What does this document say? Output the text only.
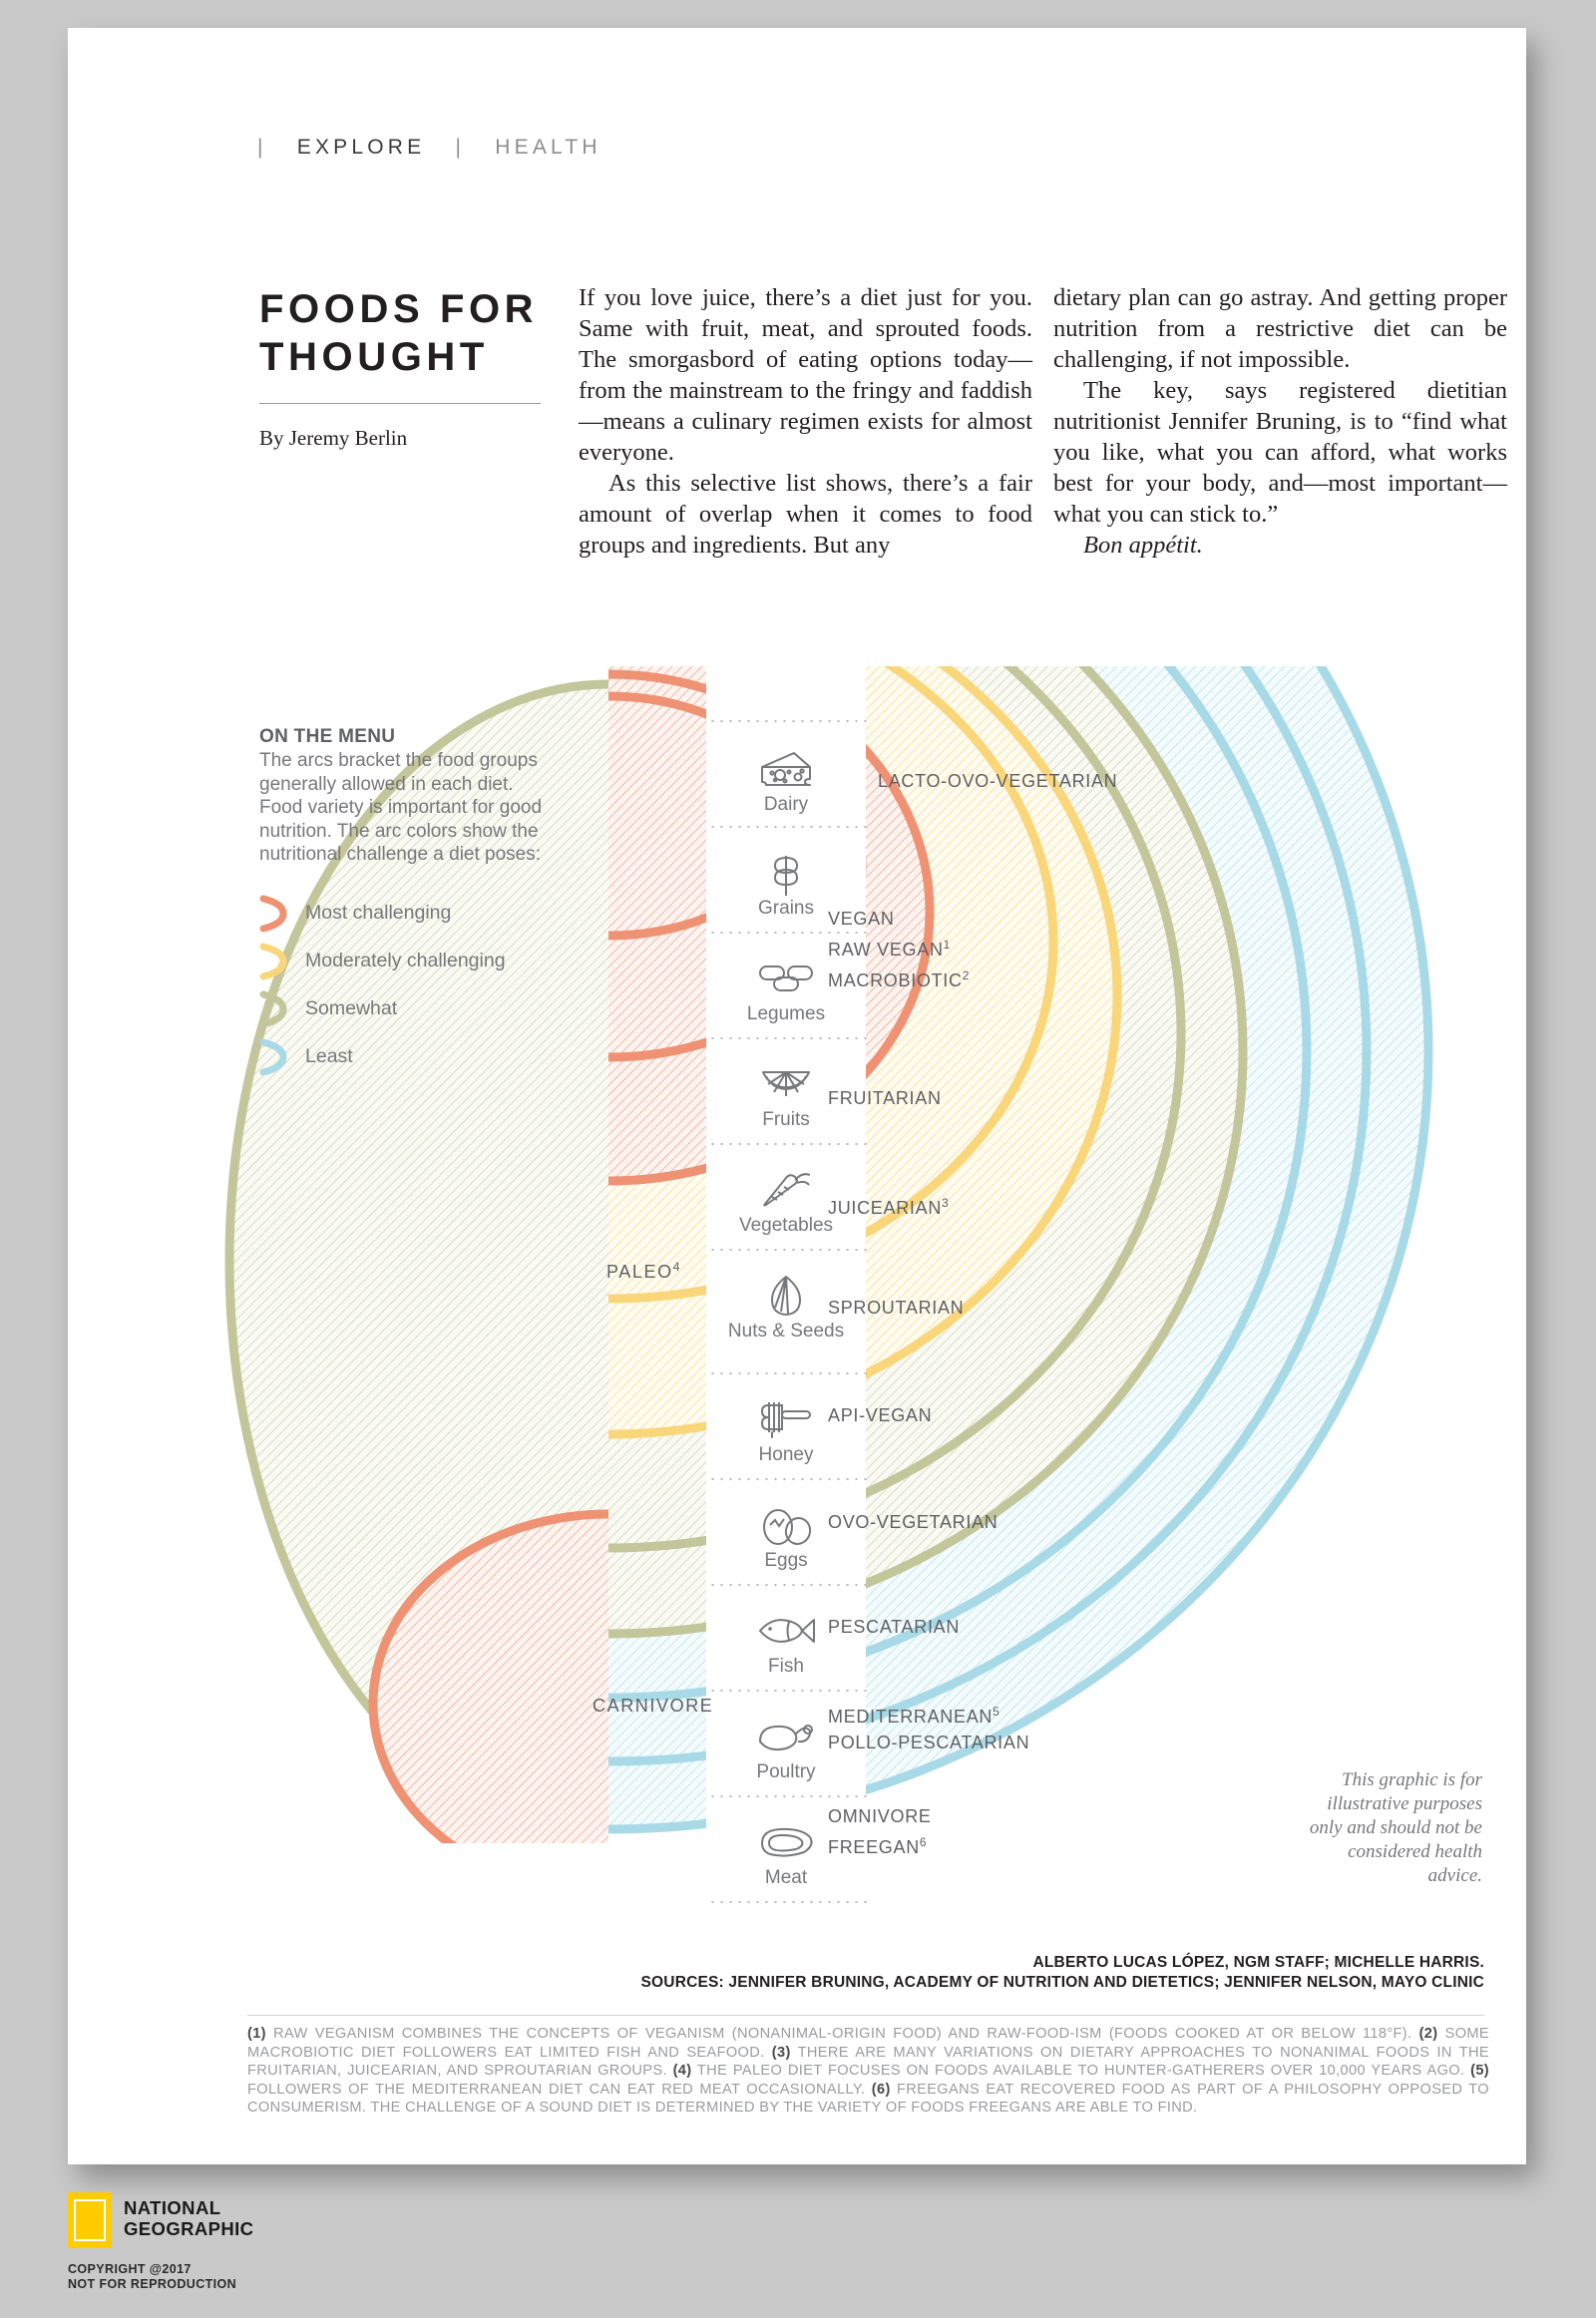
| EXPLORE | HEALTH
FOODS FOR
THOUGHT
By Jeremy Berlin

If you love juice, there’s a diet just for you. Same with fruit, meat, and sprouted foods. The smorgasbord of eating options today—from the mainstream to the fringy and faddish—means a culinary regimen exists for almost everyone.

As this selective list shows, there’s a fair amount of overlap when it comes to food groups and ingredients. But any

dietary plan can go astray. And getting proper nutrition from a restrictive diet can be challenging, if not impossible.

The key, says registered dietitian nutritionist Jennifer Bruning, is to “find what you like, what you can afford, what works best for your body, and—most important—what you can stick to.”

Bon appétit.

Dairy
Grains
Legumes
Fruits
Vegetables
Nuts & Seeds
Honey
Eggs
Fish
Poultry
Meat
LACTO-OVO-VEGETARIAN
VEGAN
RAW VEGAN$^1$
MACROBIOTIC$^2$
FRUITARIAN
JUICEARIAN$^3$
SPROUTARIAN
API-VEGAN
OVO-VEGETARIAN
PESCATARIAN
MEDITERRANEAN$^5$
POLLO-PESCATARIAN
OMNIVORE
FREEGAN$^6$
PALEO$^4$
CARNIVORE
ON THE MENU
The arcs bracket the food groups generally allowed in each diet. Food variety is important for good nutrition. The arc colors show the nutritional challenge a diet poses:
Most challenging
Moderately challenging
Somewhat
Least
This graphic is for illustrative purposes only and should not be considered health advice.
ALBERTO LUCAS LÓPEZ, NGM STAFF; MICHELLE HARRIS.
SOURCES: JENNIFER BRUNING, ACADEMY OF NUTRITION AND DIETETICS; JENNIFER NELSON, MAYO CLINIC
(1) RAW VEGANISM COMBINES THE CONCEPTS OF VEGANISM (NONANIMAL-ORIGIN FOOD) AND RAW-FOOD-ISM (FOODS COOKED AT OR BELOW 118°F). (2) SOME MACROBIOTIC DIET FOLLOWERS EAT LIMITED FISH AND SEAFOOD. (3) THERE ARE MANY VARIATIONS ON DIETARY APPROACHES TO NONANIMAL FOODS IN THE FRUITARIAN, JUICEARIAN, AND SPROUTARIAN GROUPS. (4) THE PALEO DIET FOCUSES ON FOODS AVAILABLE TO HUNTER-GATHERERS OVER 10,000 YEARS AGO. (5) FOLLOWERS OF THE MEDITERRANEAN DIET CAN EAT RED MEAT OCCASIONALLY. (6) FREEGANS EAT RECOVERED FOOD AS PART OF A PHILOSOPHY OPPOSED TO CONSUMERISM. THE CHALLENGE OF A SOUND DIET IS DETERMINED BY THE VARIETY OF FOODS FREEGANS ARE ABLE TO FIND.
NATIONAL
GEOGRAPHIC
COPYRIGHT @2017
NOT FOR REPRODUCTION
